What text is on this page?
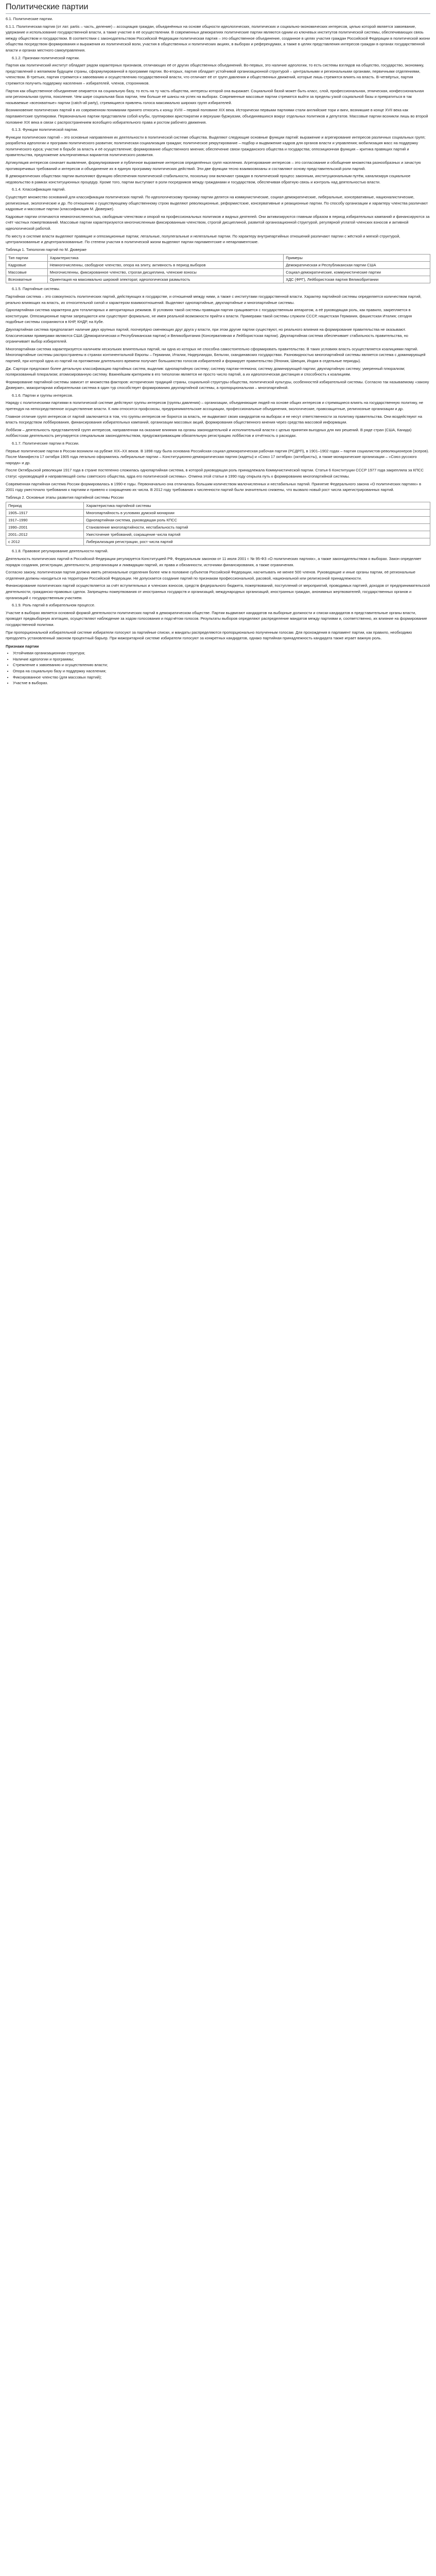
Политические партии

6.1. Политические партии.

6.1.1. Политическая партия (от лат. partis – часть, деление) – ассоциация граждан, объединённых на основе общности идеологических, политических и социально-экономических интересов, целью которой является завоевание, удержание и использование государственной власти, а также участие в её осуществлении. В современных демократиях политические партии являются одним из ключевых институтов политической системы, обеспечивающих связь между обществом и государством. В соответствии с законодательством Российской Федерации политическая партия – это общественное объединение, созданное в целях участия граждан Российской Федерации в политической жизни общества посредством формирования и выражения их политической воли, участия в общественных и политических акциях, в выборах и референдумах, а также в целях представления интересов граждан в органах государственной власти и органах местного самоуправления.

6.1.2. Признаки политической партии.

Партия как политический институт обладает рядом характерных признаков, отличающих её от других общественных объединений. Во-первых, это наличие идеологии, то есть системы взглядов на общество, государство, экономику, представлений о желаемом будущем страны, сформулированной в программе партии. Во-вторых, партия обладает устойчивой организационной структурой – центральными и региональными органами, первичными отделениями, членством. В-третьих, партия стремится к завоеванию и осуществлению государственной власти, что отличает её от групп давления и общественных движений, которые лишь стремятся влиять на власть. В-четвёртых, партия стремится получить поддержку населения – избирателей, членов, сторонников.

Партия как общественное объединение опирается на социальную базу, то есть на ту часть общества, интересы которой она выражает. Социальной базой может быть класс, слой, профессиональная, этническая, конфессиональная или региональная группа, поколение. Чем шире социальная база партии, тем больше её шансы на успех на выборах. Современные массовые партии стремятся выйти за пределы узкой социальной базы и превратиться в так называемые «всеохватные» партии (catch-all party), стремящиеся привлечь голоса максимально широких групп избирателей.

Возникновение политических партий в их современном понимании принято относить к концу XVIII – первой половине XIX века. Исторически первыми партиями стали английские тори и виги, возникшие в конце XVII века как парламентские группировки. Первоначально партии представляли собой клубы, группировки аристократии и верхушки буржуазии, объединявшихся вокруг отдельных политиков и депутатов. Массовые партии возникли лишь во второй половине XIX века в связи с распространением всеобщего избирательного права и ростом рабочего движения.

6.1.3. Функции политической партии.

Функции политических партий – это основные направления их деятельности в политической системе общества. Выделяют следующие основные функции партий: выражение и агрегирование интересов различных социальных групп; разработка идеологии и программ политического развития; политическая социализация граждан; политическое рекрутирование – подбор и выдвижение кадров для органов власти и управления; мобилизация масс на поддержку политического курса; участие в борьбе за власть и её осуществление; формирование общественного мнения; обеспечение связи гражданского общества и государства; оппозиционная функция – критика правящих партий и правительства, предложение альтернативных вариантов политического развития.

Артикуляция интересов означает выявление, формулирование и публичное выражение интересов определённых групп населения. Агрегирование интересов – это согласование и обобщение множества разнообразных и зачастую противоречивых требований и интересов и объединение их в единую программу политических действий. Эти две функции тесно взаимосвязаны и составляют основу представительской роли партий.

В демократических обществах партии выполняют функцию обеспечения политической стабильности, поскольку они включают граждан в политический процесс законным, институциональным путём, канализируя социальное недовольство в рамках конституционных процедур. Кроме того, партии выступают в роли посредников между гражданами и государством, обеспечивая обратную связь и контроль над деятельностью власти.

6.1.4. Классификация партий.

Существует множество оснований для классификации политических партий. По идеологическому признаку партии делятся на коммунистические, социал-демократические, либеральные, консервативные, националистические, религиозные, экологические и др. По отношению к существующему общественному строю выделяют революционные, реформистские, консервативные и реакционные партии. По способу организации и характеру членства различают кадровые и массовые партии (классификация М. Дюверже).

Кадровые партии отличаются немногочисленностью, свободным членством и опорой на профессиональных политиков и видных деятелей. Они активизируются главным образом в период избирательных кампаний и финансируются за счёт частных пожертвований. Массовые партии характеризуются многочисленным фиксированным членством, строгой дисциплиной, развитой организационной структурой, регулярной уплатой членских взносов и активной идеологической работой.

По месту в системе власти выделяют правящие и оппозиционные партии; легальные, полулегальные и нелегальные партии. По характеру внутрипартийных отношений различают партии с жёсткой и мягкой структурой, централизованные и децентрализованные. По степени участия в политической жизни выделяют партии парламентские и непарламентские.

Таблица 1. Типология партий по М. Дюверже

Тип партии	Характеристика	Примеры
Кадровые	Немногочисленны, свободное членство, опора на элиту, активность в период выборов	Демократическая и Республиканская партии США
Массовые	Многочисленны, фиксированное членство, строгая дисциплина, членские взносы	Социал-демократические, коммунистические партии
Всеохватные	Ориентация на максимально широкий электорат, идеологическая размытость	ХДС (ФРГ), Лейбористская партия Великобритании

6.1.5. Партийные системы.

Партийная система – это совокупность политических партий, действующих в государстве, и отношений между ними, а также с институтами государственной власти. Характер партийной системы определяется количеством партий, реально влияющих на власть, их относительной силой и характером взаимоотношений. Выделяют однопартийные, двухпартийные и многопартийные системы.

Однопартийная система характерна для тоталитарных и авторитарных режимов. В условиях такой системы правящая партия сращивается с государственным аппаратом, а её руководящая роль, как правило, закрепляется в конституции. Оппозиционные партии запрещаются или существуют формально, не имея реальной возможности прийти к власти. Примерами такой системы служили СССР, нацистская Германия, фашистская Италия; сегодня подобные системы сохраняются в КНР, КНДР, на Кубе.

Двухпартийная система предполагает наличие двух крупных партий, поочерёдно сменяющих друг друга у власти, при этом другие партии существуют, но реального влияния на формирование правительства не оказывают. Классическими примерами являются США (Демократическая и Республиканская партии) и Великобритания (Консервативная и Лейбористская партии). Двухпартийная система обеспечивает стабильность правительства, но ограничивает выбор избирателей.

Многопартийная система характеризуется наличием нескольких влиятельных партий, ни одна из которых не способна самостоятельно сформировать правительство. В таких условиях власть осуществляется коалициями партий. Многопартийные системы распространены в странах континентальной Европы – Германии, Италии, Нидерландах, Бельгии, скандинавских государствах. Разновидностью многопартийной системы является система с доминирующей партией, при которой одна из партий на протяжении длительного времени получает большинство голосов избирателей и формирует правительство (Япония, Швеция, Индия в отдельные периоды).

Дж. Сартори предложил более детальную классификацию партийных систем, выделив: однопартийную систему; систему партии-гегемона; систему доминирующей партии; двухпартийную систему; умеренный плюрализм; поляризованный плюрализм; атомизированную систему. Важнейшим критерием в его типологии является не просто число партий, а их идеологическая дистанция и способность к коалициям.

Формирование партийной системы зависит от множества факторов: исторических традиций страны, социальной структуры общества, политической культуры, особенностей избирательной системы. Согласно так называемому «закону Дюверже», мажоритарная избирательная система в один тур способствует формированию двухпартийной системы, а пропорциональная – многопартийной.

6.1.6. Партии и группы интересов.

Наряду с политическими партиями в политической системе действуют группы интересов (группы давления) – организации, объединяющие людей на основе общих интересов и стремящиеся влиять на государственную политику, не претендуя на непосредственное осуществление власти. К ним относятся профсоюзы, предпринимательские ассоциации, профессиональные объединения, экологические, правозащитные, религиозные организации и др.

Главное отличие групп интересов от партий заключается в том, что группы интересов не борются за власть, не выдвигают своих кандидатов на выборах и не несут ответственности за политику правительства. Они воздействуют на власть посредством лоббирования, финансирования избирательных кампаний, организации массовых акций, формирования общественного мнения через средства массовой информации.

Лоббизм – деятельность представителей групп интересов, направленная на оказание влияния на органы законодательной и исполнительной власти с целью принятия выгодных для них решений. В ряде стран (США, Канада) лоббистская деятельность регулируется специальным законодательством, предусматривающим обязательную регистрацию лоббистов и отчётность о расходах.

6.1.7. Политические партии в России.

Первые политические партии в России возникли на рубеже XIX–XX веков. В 1898 году была основана Российская социал-демократическая рабочая партия (РСДРП), в 1901–1902 годах – партия социалистов-революционеров (эсеров). После Манифеста 17 октября 1905 года легально оформились либеральные партии – Конституционно-демократическая партия (кадеты) и «Союз 17 октября» (октябристы), а также монархические организации – «Союз русского народа» и др.

После Октябрьской революции 1917 года в стране постепенно сложилась однопартийная система, в которой руководящая роль принадлежала Коммунистической партии. Статья 6 Конституции СССР 1977 года закрепляла за КПСС статус «руководящей и направляющей силы советского общества, ядра его политической системы». Отмена этой статьи в 1990 году открыла путь к формированию многопартийной системы.

Современная партийная система России формировалась в 1990-е годы. Первоначально она отличалась большим количеством малочисленных и нестабильных партий. Принятие Федерального закона «О политических партиях» в 2001 году ужесточило требования к партиям и привело к сокращению их числа. В 2012 году требования к численности партий были значительно снижены, что вызвало новый рост числа зарегистрированных партий.

Таблица 2. Основные этапы развития партийной системы России

Период	Характеристика партийной системы
1905–1917	Многопартийность в условиях думской монархии
1917–1990	Однопартийная система, руководящая роль КПСС
1990–2001	Становление многопартийности, нестабильность партий
2001–2012	Ужесточение требований, сокращение числа партий
с 2012	Либерализация регистрации, рост числа партий

6.1.8. Правовое регулирование деятельности партий.

Деятельность политических партий в Российской Федерации регулируется Конституцией РФ, Федеральным законом от 11 июля 2001 г. № 95-ФЗ «О политических партиях», а также законодательством о выборах. Закон определяет порядок создания, регистрации, деятельности, реорганизации и ликвидации партий, их права и обязанности, источники финансирования, а также ограничения.

Согласно закону, политическая партия должна иметь региональные отделения более чем в половине субъектов Российской Федерации, насчитывать не менее 500 членов. Руководящие и иные органы партии, её региональные отделения должны находиться на территории Российской Федерации. Не допускается создание партий по признакам профессиональной, расовой, национальной или религиозной принадлежности.

Финансирование политических партий осуществляется за счёт вступительных и членских взносов, средств федерального бюджета, пожертвований, поступлений от мероприятий, проводимых партией, доходов от предпринимательской деятельности, гражданско-правовых сделок. Запрещены пожертвования от иностранных государств и организаций, международных организаций, иностранных граждан, анонимных жертвователей, государственных органов и организаций с государственным участием.

6.1.9. Роль партий в избирательном процессе.

Участие в выборах является основной формой деятельности политических партий в демократическом обществе. Партии выдвигают кандидатов на выборные должности и списки кандидатов в представительные органы власти, проводят предвыборную агитацию, осуществляют наблюдение за ходом голосования и подсчётом голосов. Результаты выборов определяют распределение мандатов между партиями и, соответственно, их влияние на формирование государственной политики.

При пропорциональной избирательной системе избиратели голосуют за партийные списки, и мандаты распределяются пропорционально полученным голосам. Для прохождения в парламент партии, как правило, необходимо преодолеть установленный законом процентный барьер. При мажоритарной системе избиратели голосуют за конкретных кандидатов, однако партийная принадлежность кандидата также играет важную роль.

Признаки партии
• Устойчивая организационная структура;
• Наличие идеологии и программы;
• Стремление к завоеванию и осуществлению власти;
• Опора на социальную базу и поддержку населения;
• Фиксированное членство (для массовых партий);
• Участие в выборах.
